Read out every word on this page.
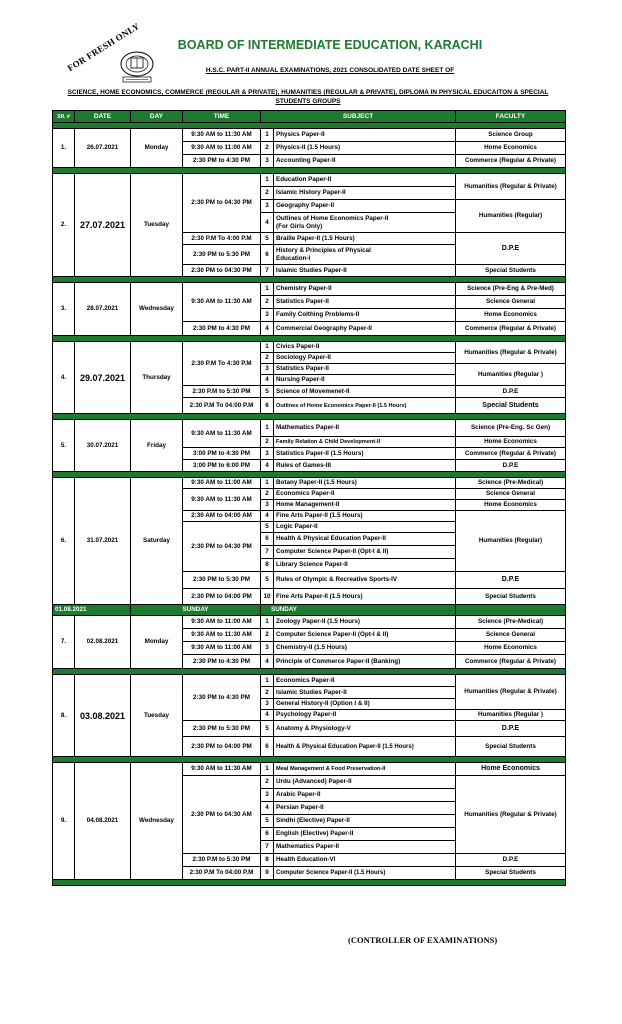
FOR FRESH ONLY	BOARD OF INTERMEDIATE EDUCATION, KARACHI
H.S.C. PART-II ANNUAL EXAMINATIONS, 2021 CONSOLIDATED DATE SHEET OF
SCIENCE, HOME ECONOMICS, COMMERCE (REGULAR & PRIVATE), HUMANITIES (REGULAR & PRIVATE), DIPLOMA IN PHYSICAL EDUCAITON & SPECIAL STUDENTS GROUPS
SR. #	DATE	DAY	TIME	SUBJECT		FACULTY

1.	26.07.2021	Monday	9:30 AM to 11:30 AM	1	Physics Paper-II	Science Group
			9:30 AM to 11:00 AM	2	Physics-II (1.5 Hours)	Home Economics
			2:30 PM to 4:30 PM	3	Accounting Paper-II	Commerce (Regular & Private)

2.	27.07.2021	Tuesday	2:30 PM to 04:30 PM	1	Education Paper-II	Humanities (Regular & Private)
				2	Islamic History Paper-II	
				3	Geography Paper-II	Humanities (Regular)
				4	Outlines of Home Economics Paper-II
(For Girls Only)	

			2:30 P.M To 4:00 P.M	5	Braille Paper-II (1.5 Hours)	D.P.E
			2:30 PM to 5:30 PM	6	History & Principles of Physical
Education-I	

			2:30 PM to 04:30 PM	7	Islamic Studies Paper-II	Special Students

3.	28.07.2021	Wednesday	9:30 AM to 11:30 AM	1	Chemistry Paper-II	Science (Pre-Eng & Pre-Med)
				2	Statistics Paper-II	Science General
				3	Family Colthing Problems-II	Home Economics
			2:30 PM to 4:30 PM	4	Commercial Geography Paper-II	Commerce (Regular & Private)

4.	29.07.2021	Thursday	2:30 P.M To 4:30 P.M	1	Civics Paper-II	Humanities (Regular & Private)
				2	Sociology Paper-II	
				3	Statistics Paper-II	Humanities (Regular )
				4	Nursing Paper-II	
			2:30 P.M to 5:30 PM	5	Science of Movemenet-II	D.P.E
			2:30 P.M To 04:00 P.M	6	Outlines of Home Economics Paper-II (1.5 Hours)	Special Students

5.	30.07.2021	Friday	9:30 AM to 11:30 AM	1	Mathematics Paper-II	Science (Pre-Eng. Sc Gen)
				2	Family Relation & Child Development-II	Home Economics
			3:00 PM to 4:30 PM	3	Statistics Paper-II (1.5 Hours)	Commerce (Regular & Private)
			3:00 PM to 6:00 PM	4	Rules of Games-III	D.P.E

6.	31.07.2021	Saturday	9:30 AM to 11:00 AM	1	Botany Paper-II (1.5 Hours)	Science (Pre-Medical)
			9:30 AM to 11:30 AM	2	Economics Paper-II	Science General
				3	Home Management-II	Home Economics
			2:30 AM to 04:00 AM	4	Fine Arts Paper-II (1.5 Hours)	Humanities (Regular)
			2:30 PM to 04:30 PM	5	Logic Paper-II	
				6	Health & Physical Education Paper-II	
				7	Computer Science Paper-II (Opt-I & II)	
				8	Library Science Paper-II	
			2:30 PM to 5:30 PM	5	Rules of Olympic & Recreative Sports-IV	D.P.E
			2:30 PM to 04:00 PM	10	Fine Arts Paper-II (1.5 Hours)	Special Students
01.08.2021		SUNDAY		SUNDAY		
7.	02.08.2021	Monday	9:30 AM to 11:00 AM	1	Zoology Paper-II (1.5 Hours)	Science (Pre-Medical)
			9:30 AM to 11:30 AM	2	Computer Science Paper-II (Opt-I & II)	Science General
			9:30 AM to 11:00 AM	3	Chemistry-II (1.5 Hours)	Home Economics
			2:30 PM to 4:30 PM	4	Principle of Commerce Paper-II (Banking)	Commerce (Regular & Private)

8.	03.08.2021	Tuesday	2:30 PM to 4:30 PM	1	Economics Paper-II	Humanities (Regular & Private)
				2	Islamic Studies Paper-II	
				3	General History-II (Option I & II)	
				4	Psychology Paper-II	Humanities (Regular )
			2:30 PM to 5:30 PM	5	Anatomy & Physiology-V	D.P.E
			2:30 PM to 04:00 PM	6	Health & Physical Education Paper-II (1.5 Hours)	Special Students

9.	04.08.2021	Wednesday	9:30 AM to 11:30 AM	1	Meal Management & Food Preservation-II	Home Economics
			2:30 PM to 04:30 AM	2	Urdu (Advanced) Paper-II	Humanities (Regular & Private)
				3	Arabic Paper-II	
				4	Persian Paper-II	
				5	Sindhi (Elective) Paper-II	
				6	English (Elective) Paper-II	
				7	Mathematics Paper-II	
			2:30 P.M to 5:30 PM	8	Health Education-VI	D.P.E
			2:30 P.M To 04:00 P.M	9	Computer Science Paper-II (1.5 Hours)	Special Students

(CONTROLLER OF EXAMINATIONS)
